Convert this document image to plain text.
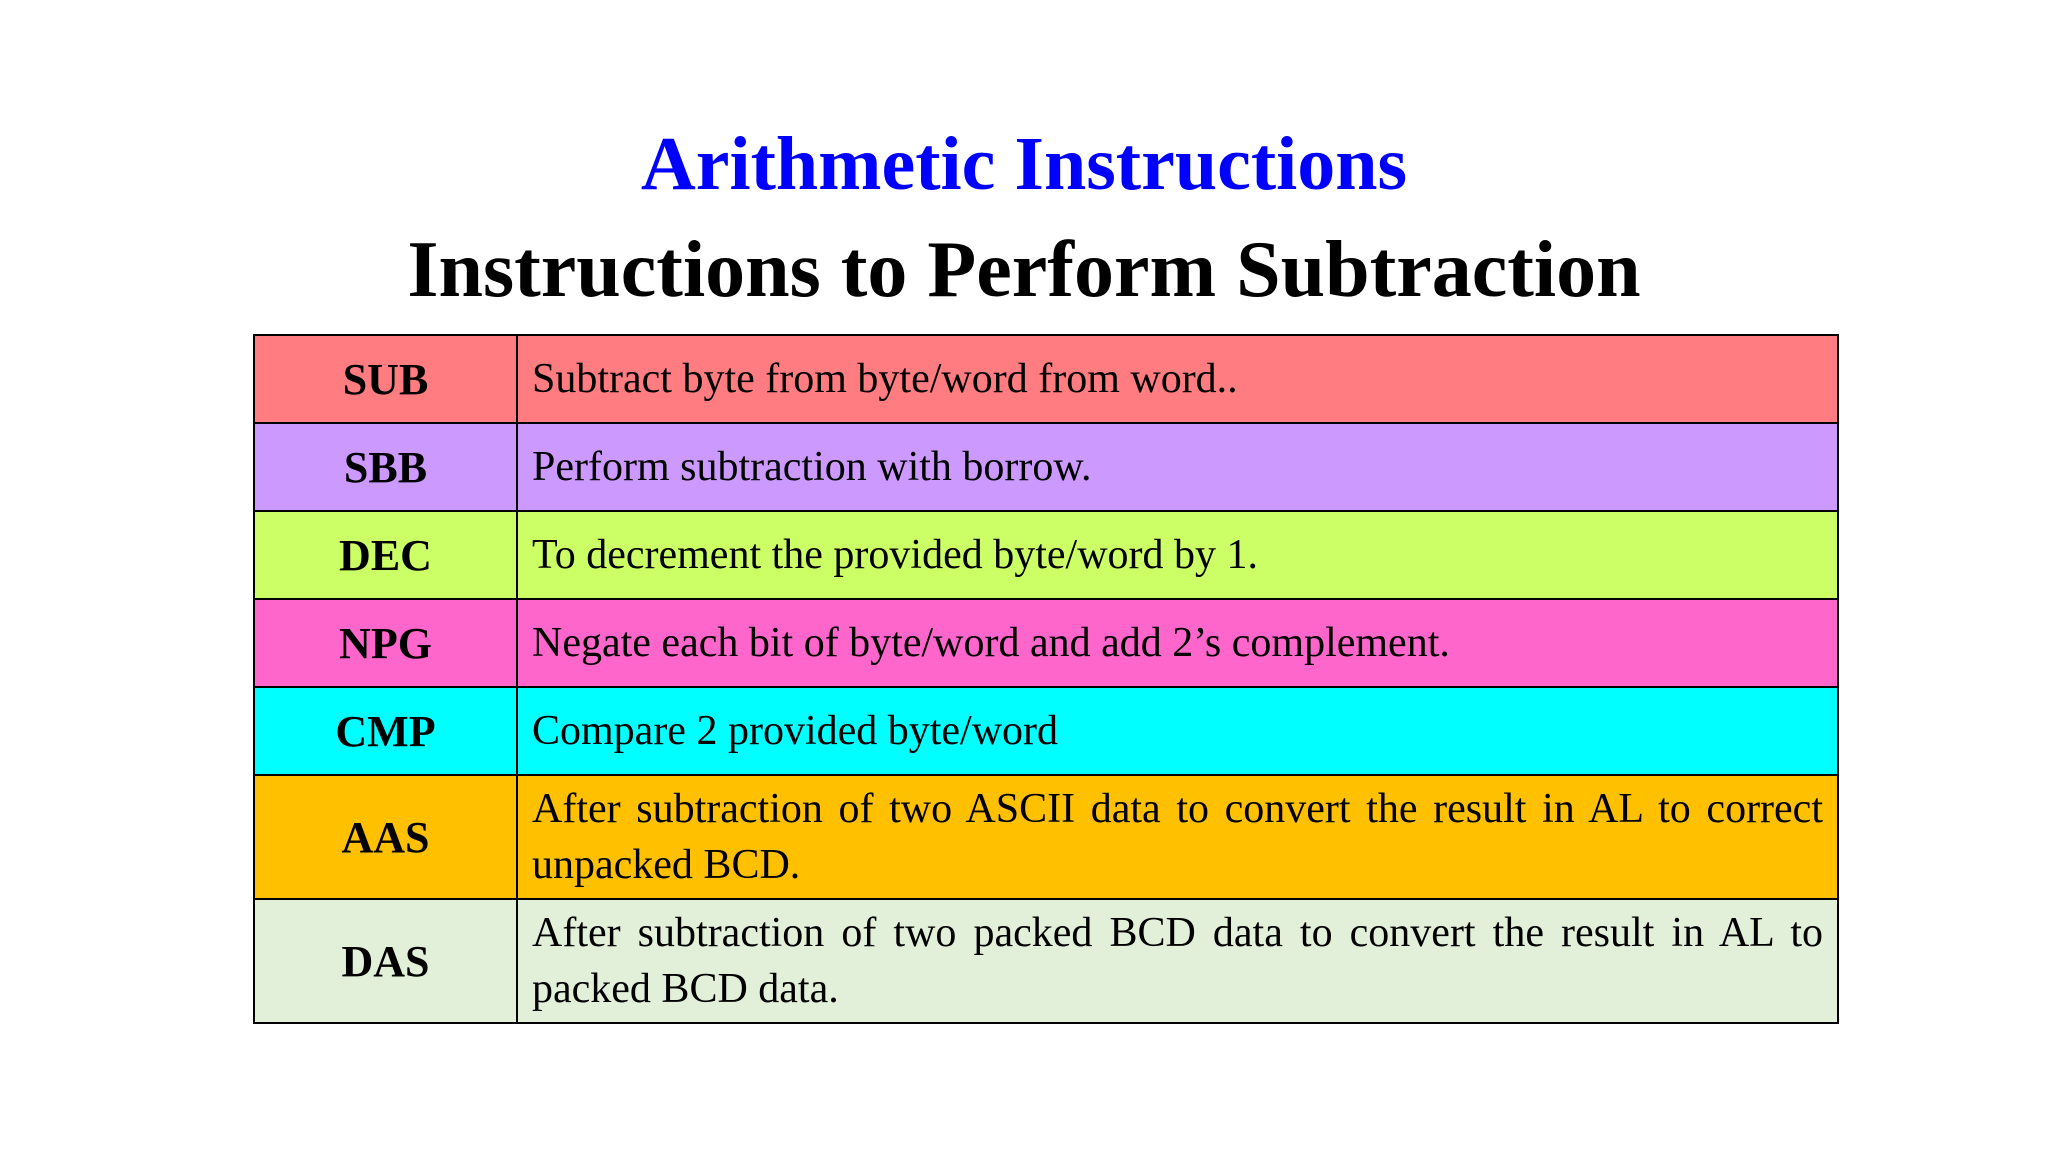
Arithmetic Instructions
Instructions to Perform Subtraction
SUB	Subtract byte from byte/word from word..
SBB	Perform subtraction with borrow.
DEC	To decrement the provided byte/word by 1.
NPG	Negate each bit of byte/word and add 2’s complement.
CMP	Compare 2 provided byte/word
AAS	After subtraction of two ASCII data to convert the result in AL to correct unpacked BCD.
DAS	After subtraction of two packed BCD data to convert the result in AL to packed BCD data.
